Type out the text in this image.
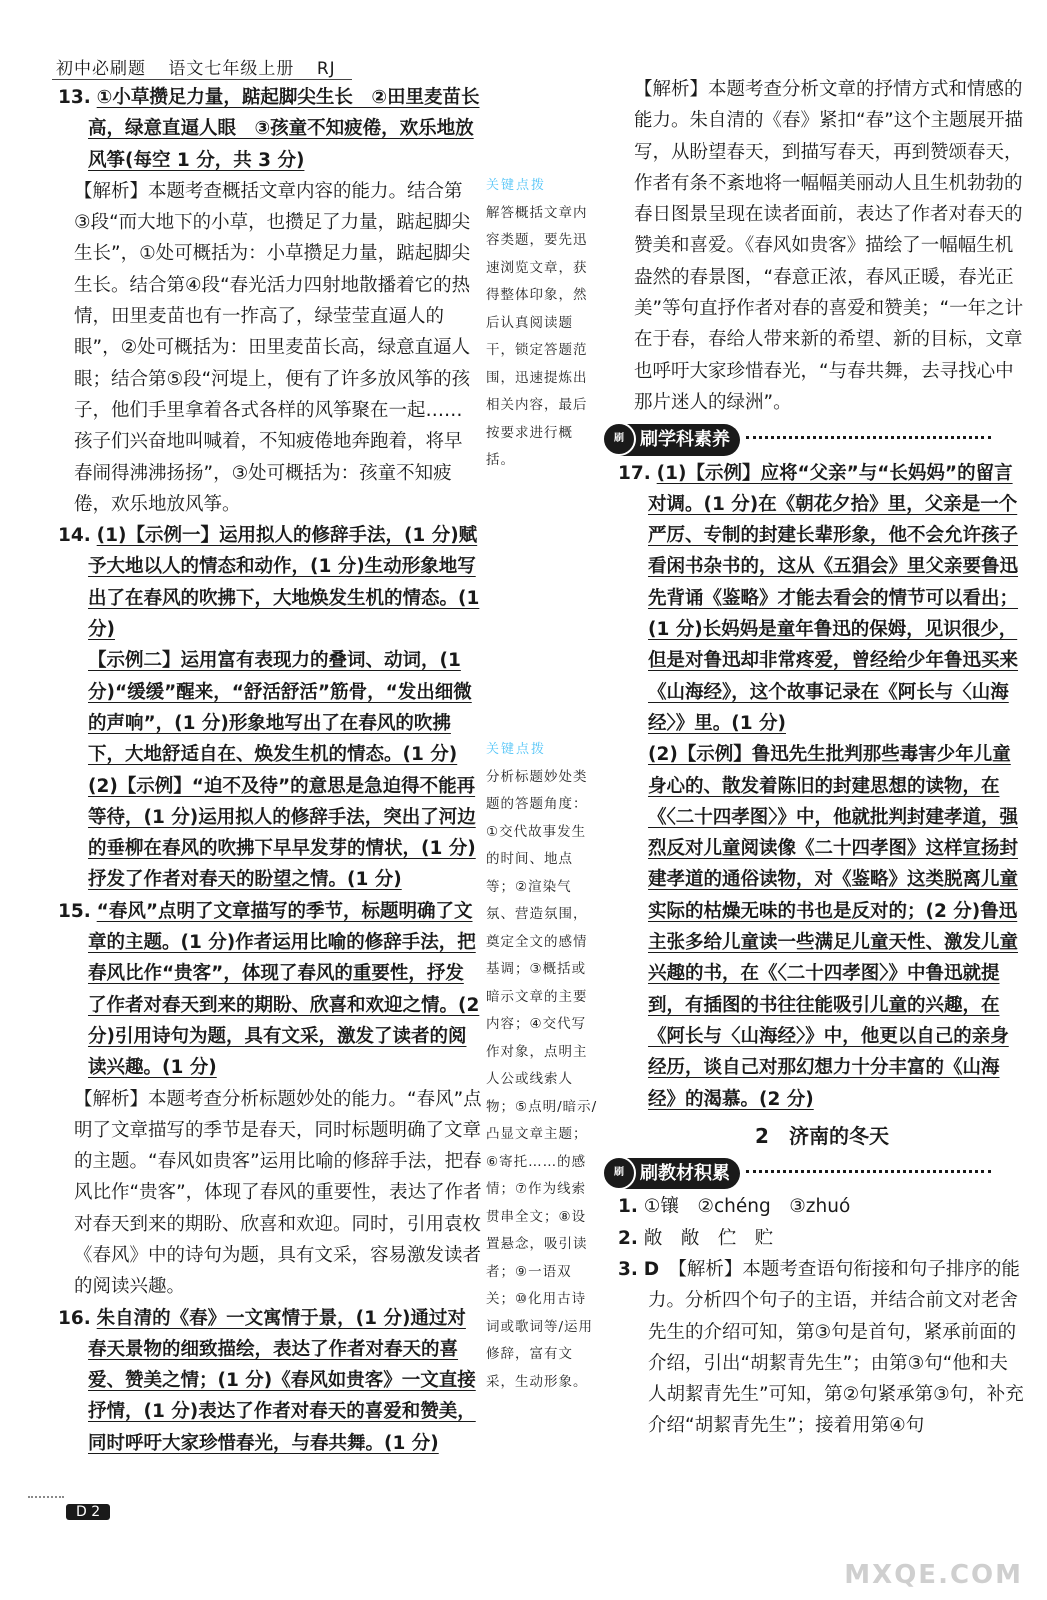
初中必刷题 语文七年级上册 RJ

13. ①小草攒足力量，踮起脚尖生长　②田里麦苗长高，绿意直逼人眼　③孩童不知疲倦，欢乐地放风筝(每空 1 分，共 3 分)

【解析】本题考查概括文章内容的能力。结合第③段“而大地下的小草，也攒足了力量，踮起脚尖生长”，①处可概括为：小草攒足力量，踮起脚尖生长。结合第④段“春光活力四射地散播着它的热情，田里麦苗也有一拃高了，绿莹莹直逼人的眼”，②处可概括为：田里麦苗长高，绿意直逼人眼；结合第⑤段“河堤上，便有了许多放风筝的孩子，他们手里拿着各式各样的风筝聚在一起……孩子们兴奋地叫喊着，不知疲倦地奔跑着，将早春闹得沸沸扬扬”，③处可概括为：孩童不知疲倦，欢乐地放风筝。

14. (1)【示例一】运用拟人的修辞手法，(1 分)赋予大地以人的情态和动作，(1 分)生动形象地写出了在春风的吹拂下，大地焕发生机的情态。(1 分)

【示例二】运用富有表现力的叠词、动词，(1 分)“缓缓”醒来，“舒活舒活”筋骨，“发出细微的声响”，(1 分)形象地写出了在春风的吹拂下，大地舒适自在、焕发生机的情态。(1 分)

(2)【示例】“迫不及待”的意思是急迫得不能再等待，(1 分)运用拟人的修辞手法，突出了河边的垂柳在春风的吹拂下早早发芽的情状，(1 分)抒发了作者对春天的盼望之情。(1 分)

15. “春风”点明了文章描写的季节，标题明确了文章的主题。(1 分)作者运用比喻的修辞手法，把春风比作“贵客”，体现了春风的重要性，抒发了作者对春天到来的期盼、欣喜和欢迎之情。(2 分)引用诗句为题，具有文采，激发了读者的阅读兴趣。(1 分)

【解析】本题考查分析标题妙处的能力。“春风”点明了文章描写的季节是春天，同时标题明确了文章的主题。“春风如贵客”运用比喻的修辞手法，把春风比作“贵客”，体现了春风的重要性，表达了作者对春天到来的期盼、欣喜和欢迎。同时，引用袁枚《春风》中的诗句为题，具有文采，容易激发读者的阅读兴趣。

16. 朱自清的《春》一文寓情于景，(1 分)通过对春天景物的细致描绘，表达了作者对春天的喜爱、赞美之情；(1 分)《春风如贵客》一文直接抒情，(1 分)表达了作者对春天的喜爱和赞美，同时呼吁大家珍惜春光，与春共舞。(1 分)

关键点拨
解答概括文章内容类题，要先迅速浏览文章，获得整体印象，然后认真阅读题干，锁定答题范围，迅速提炼出相关内容，最后按要求进行概括。
关键点拨
分析标题妙处类题的答题角度：①交代故事发生的时间、地点等；②渲染气氛、营造氛围，奠定全文的感情基调；③概括或暗示文章的主要内容；④交代写作对象，点明主人公或线索人物；⑤点明/暗示/凸显文章主题；⑥寄托……的感情；⑦作为线索贯串全文；⑧设置悬念，吸引读者；⑨一语双关；⑩化用古诗词或歌词等/运用修辞，富有文采，生动形象。

【解析】本题考查分析文章的抒情方式和情感的能力。朱自清的《春》紧扣“春”这个主题展开描写，从盼望春天，到描写春天，再到赞颂春天，作者有条不紊地将一幅幅美丽动人且生机勃勃的春日图景呈现在读者面前，表达了作者对春天的赞美和喜爱。《春风如贵客》描绘了一幅幅生机盎然的春景图，“春意正浓，春风正暖，春光正美”等句直抒作者对春的喜爱和赞美；“一年之计在于春，春给人带来新的希望、新的目标，文章也呼吁大家珍惜春光，“与春共舞，去寻找心中那片迷人的绿洲”。

刷 刷学科素养

17. (1)【示例】应将“父亲”与“长妈妈”的留言对调。(1 分)在《朝花夕拾》里，父亲是一个严厉、专制的封建长辈形象，他不会允许孩子看闲书杂书的，这从《五猖会》里父亲要鲁迅先背诵《鉴略》才能去看会的情节可以看出；(1 分)长妈妈是童年鲁迅的保姆，见识很少，但是对鲁迅却非常疼爱，曾经给少年鲁迅买来《山海经》，这个故事记录在《阿长与〈山海经〉》里。(1 分)

(2)【示例】鲁迅先生批判那些毒害少年儿童身心的、散发着陈旧的封建思想的读物，在《〈二十四孝图〉》中，他就批判封建孝道，强烈反对儿童阅读像《二十四孝图》这样宣扬封建孝道的通俗读物，对《鉴略》这类脱离儿童实际的枯燥无味的书也是反对的；(2 分)鲁迅主张多给儿童读一些满足儿童天性、激发儿童兴趣的书，在《〈二十四孝图〉》中鲁迅就提到，有插图的书往往能吸引儿童的兴趣，在《阿长与〈山海经〉》中，他更以自己的亲身经历，谈自己对那幻想力十分丰富的《山海经》的渴慕。(2 分)

2　 济南的冬天

刷 刷教材积累

1. ①镶　②chéng　③zhuó

2. 敞　敞　伫　贮

3. D　 【解析】本题考查语句衔接和句子排序的能力。分析四个句子的主语，并结合前文对老舍先生的介绍可知，第③句是首句，紧承前面的介绍，引出“胡絜青先生”；由第③句“他和夫人胡絜青先生”可知，第②句紧承第③句，补充介绍“胡絜青先生”；接着用第④句

D 2
MXQE.COM
